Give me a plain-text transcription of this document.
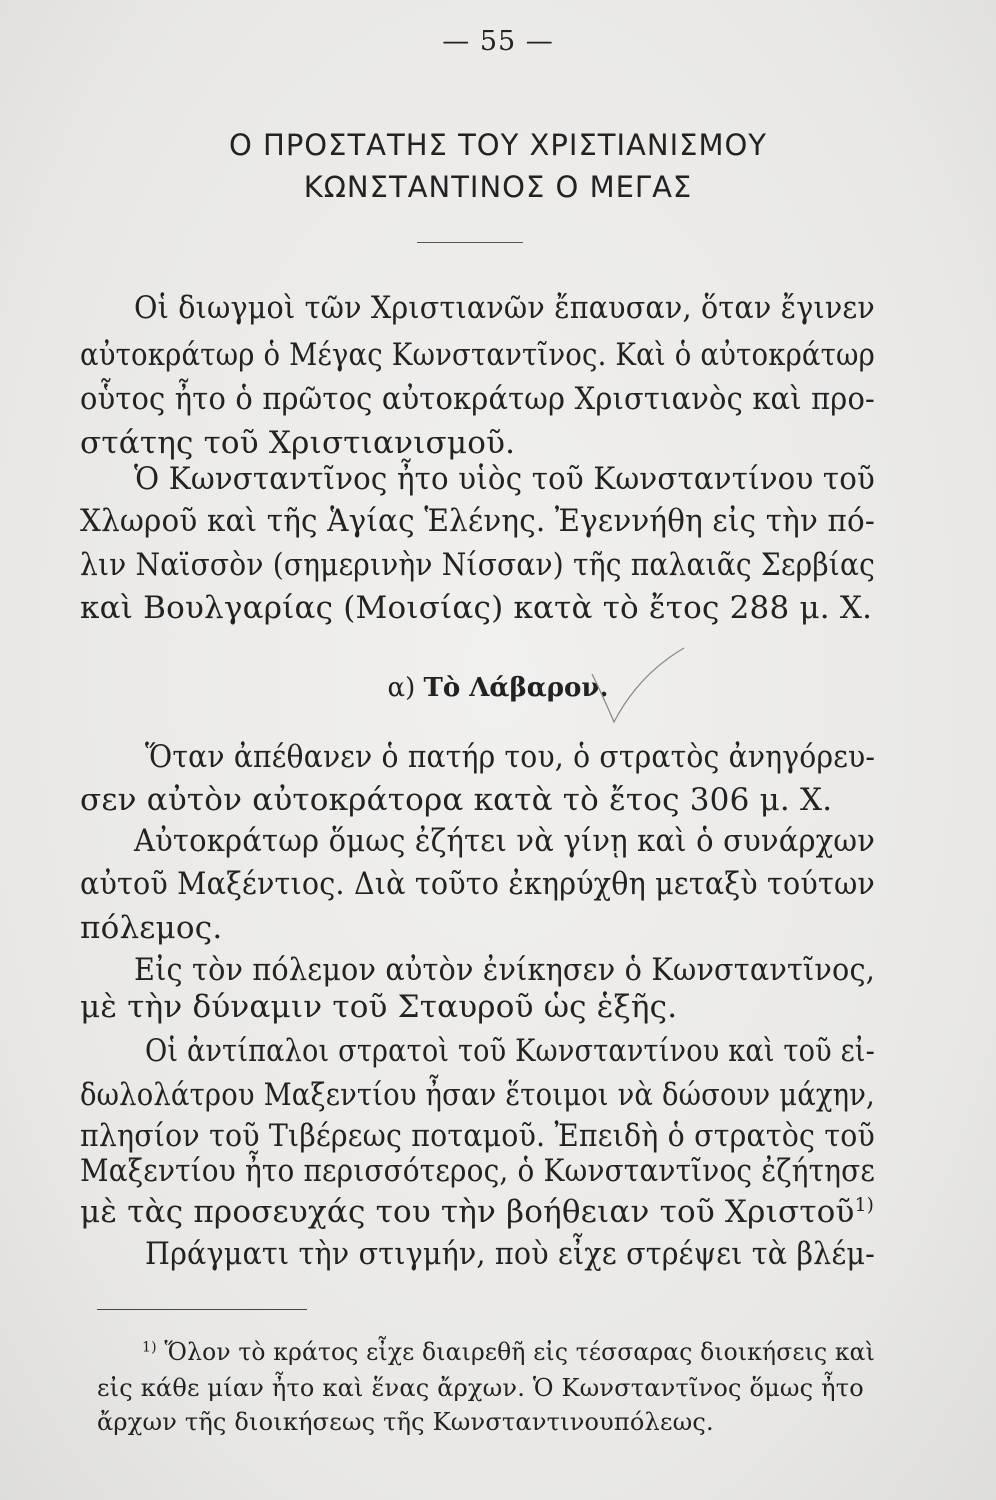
— 55 —
Ο ΠΡΟΣΤΑΤΗΣ ΤΟΥ ΧΡΙΣΤΙΑΝΙΣΜΟΥ
ΚΩΝΣΤΑΝΤΙΝΟΣ Ο ΜΕΓΑΣ
Οἱ διωγμοὶ τῶν Χριστιανῶν ἔπαυσαν, ὅταν ἔγινεν
αὐτοκράτωρ ὁ Μέγας Κωνσταντῖνος. Καὶ ὁ αὐτοκράτωρ
οὗτος ἦτο ὁ πρῶτος αὐτοκράτωρ Χριστιανὸς καὶ προ-
στάτης τοῦ Χριστιανισμοῦ.
Ὁ Κωνσταντῖνος ἦτο υἱὸς τοῦ Κωνσταντίνου τοῦ
Χλωροῦ καὶ τῆς Ἁγίας Ἑλένης. Ἐγεννήθη εἰς τὴν πό-
λιν Ναϊσσὸν (σημερινὴν Νίσσαν) τῆς παλαιᾶς Σερβίας
καὶ Βουλγαρίας (Μοισίας) κατὰ τὸ ἔτος 288 μ. Χ.
α) Τὸ Λάβαρον.
Ὅταν ἀπέθανεν ὁ πατήρ του, ὁ στρατὸς ἀνηγόρευ-
σεν αὐτὸν αὐτοκράτορα κατὰ τὸ ἔτος 306 μ. Χ.
Αὐτοκράτωρ ὅμως ἐζήτει νὰ γίνῃ καὶ ὁ συνάρχων
αὐτοῦ Μαξέντιος. Διὰ τοῦτο ἐκηρύχθη μεταξὺ τούτων
πόλεμος.
Εἰς τὸν πόλεμον αὐτὸν ἐνίκησεν ὁ Κωνσταντῖνος,
μὲ τὴν δύναμιν τοῦ Σταυροῦ ὡς ἑξῆς.
Οἱ ἀντίπαλοι στρατοὶ τοῦ Κωνσταντίνου καὶ τοῦ εἰ-
δωλολάτρου Μαξεντίου ἦσαν ἕτοιμοι νὰ δώσουν μάχην,
πλησίον τοῦ Τιβέρεως ποταμοῦ. Ἐπειδὴ ὁ στρατὸς τοῦ
Μαξεντίου ἦτο περισσότερος, ὁ Κωνσταντῖνος ἐζήτησε
μὲ τὰς προσευχάς του τὴν βοήθειαν τοῦ Χριστοῦ$^{1)}$
Πράγματι τὴν στιγμήν, ποὺ εἶχε στρέψει τὰ βλέμ-
$^{1)}$ Ὅλον τὸ κράτος εἶχε διαιρεθῆ εἰς τέσσαρας διοικήσεις καὶ
εἰς κάθε μίαν ἦτο καὶ ἕνας ἄρχων. Ὁ Κωνσταντῖνος ὅμως ἦτο
ἄρχων τῆς διοικήσεως τῆς Κωνσταντινουπόλεως.
